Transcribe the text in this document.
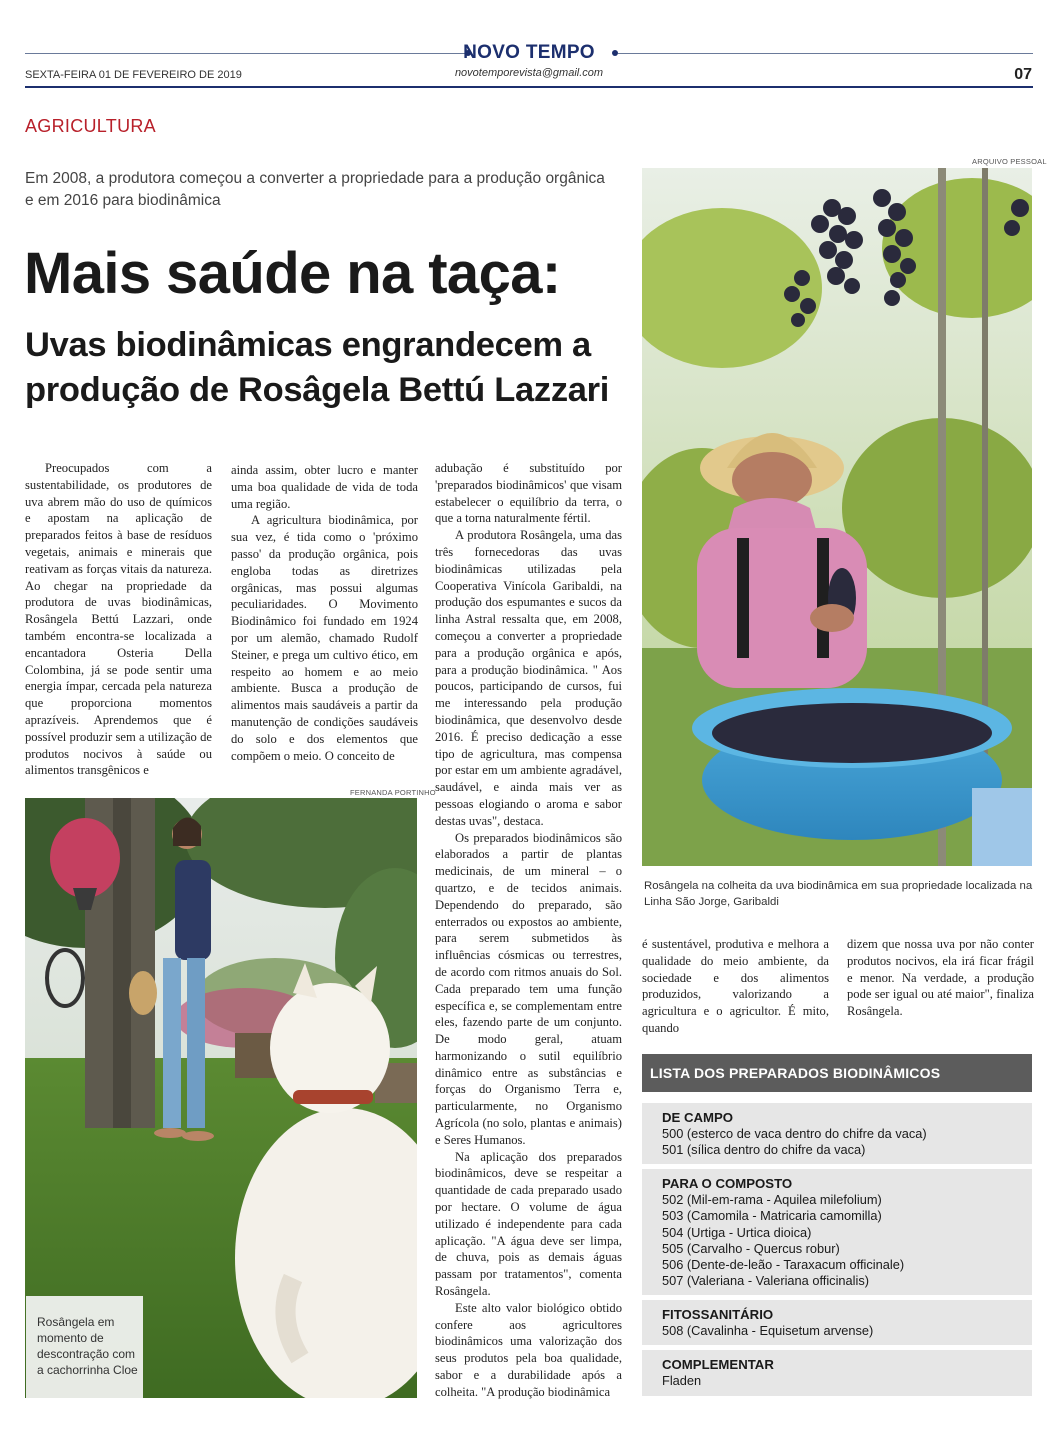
NOVO TEMPO
novotemporevista@gmail.com
SEXTA-FEIRA 01 DE FEVEREIRO DE 2019	07
AGRICULTURA
Em 2008, a produtora começou a converter a propriedade para a produção orgânica e em 2016 para biodinâmica
Mais saúde na taça:
Uvas biodinâmicas engrandecem a produção de Rosâgela Bettú Lazzari

Preocupados com a sustentabilidade, os produtores de uva abrem mão do uso de químicos e apostam na aplicação de preparados feitos à base de resíduos vegetais, animais e minerais que reativam as forças vitais da natureza. Ao chegar na propriedade da produtora de uvas biodinâmicas, Rosângela Bettú Lazzari, onde também encontra-se localizada a encantadora Osteria Della Colombina, já se pode sentir uma energia ímpar, cercada pela natureza que proporciona momentos aprazíveis. Aprendemos que é possível produzir sem a utilização de produtos nocivos à saúde ou alimentos transgênicos e

ainda assim, obter lucro e manter uma boa qualidade de vida de toda uma região.

A agricultura biodinâmica, por sua vez, é tida como o 'próximo passo' da produção orgânica, pois engloba todas as diretrizes orgânicas, mas possui algumas peculiaridades. O Movimento Biodinâmico foi fundado em 1924 por um alemão, chamado Rudolf Steiner, e prega um cultivo ético, em respeito ao homem e ao meio ambiente. Busca a produção de alimentos mais saudáveis a partir da manutenção de condições saudáveis do solo e dos elementos que compõem o meio. O conceito de

adubação é substituído por 'preparados biodinâmicos' que visam estabelecer o equilíbrio da terra, o que a torna naturalmente fértil.

A produtora Rosângela, uma das três fornecedoras das uvas biodinâmicas utilizadas pela Cooperativa Vinícola Garibaldi, na produção dos espumantes e sucos da linha Astral ressalta que, em 2008, começou a converter a propriedade para a produção orgânica e após, para a produção biodinâmica. " Aos poucos, participando de cursos, fui me interessando pela produção biodinâmica, que desenvolvo desde 2016. É preciso dedicação a esse tipo de agricultura, mas compensa por estar em um ambiente agradável, saudável, e ainda mais ver as pessoas elogiando o aroma e sabor destas uvas", destaca.

Os preparados biodinâmicos são elaborados a partir de plantas medicinais, de um mineral – o quartzo, e de tecidos animais. Dependendo do preparado, são enterrados ou expostos ao ambiente, para serem submetidos às influências cósmicas ou terrestres, de acordo com ritmos anuais do Sol. Cada preparado tem uma função específica e, se complementam entre eles, fazendo parte de um conjunto. De modo geral, atuam harmonizando o sutil equilíbrio dinâmico entre as substâncias e forças do Organismo Terra e, particularmente, no Organismo Agrícola (no solo, plantas e animais) e Seres Humanos.

Na aplicação dos preparados biodinâmicos, deve se respeitar a quantidade de cada preparado usado por hectare. O volume de água utilizado é independente para cada aplicação. "A água deve ser limpa, de chuva, pois as demais águas passam por tratamentos", comenta Rosângela.

Este alto valor biológico obtido confere aos agricultores biodinâmicos uma valorização dos seus produtos pela boa qualidade, sabor e a durabilidade após a colheita. "A produção biodinâmica

é sustentável, produtiva e melhora a qualidade do meio ambiente, da sociedade e dos alimentos produzidos, valorizando a agricultura e o agricultor. É mito, quando

dizem que nossa uva por não conter produtos nocivos, ela irá ficar frágil e menor. Na verdade, a produção pode ser igual ou até maior", finaliza Rosângela.

FERNANDA PORTINHO
Rosângela em momento de descontração com a cachorrinha Cloe
ARQUIVO PESSOAL
Rosângela na colheita da uva biodinâmica em sua propriedade localizada na Linha São Jorge, Garibaldi
LISTA DOS PREPARADOS BIODINÂMICOS
DE CAMPO
500 (esterco de vaca dentro do chifre da vaca)
501 (sílica dentro do chifre da vaca)
PARA O COMPOSTO
502 (Mil-em-rama - Aquilea milefolium)
503 (Camomila - Matricaria camomilla)
504 (Urtiga - Urtica dioica)
505 (Carvalho - Quercus robur)
506 (Dente-de-leão - Taraxacum officinale)
507 (Valeriana - Valeriana officinalis)
FITOSSANITÁRIO
508 (Cavalinha - Equisetum arvense)
COMPLEMENTAR
Fladen
